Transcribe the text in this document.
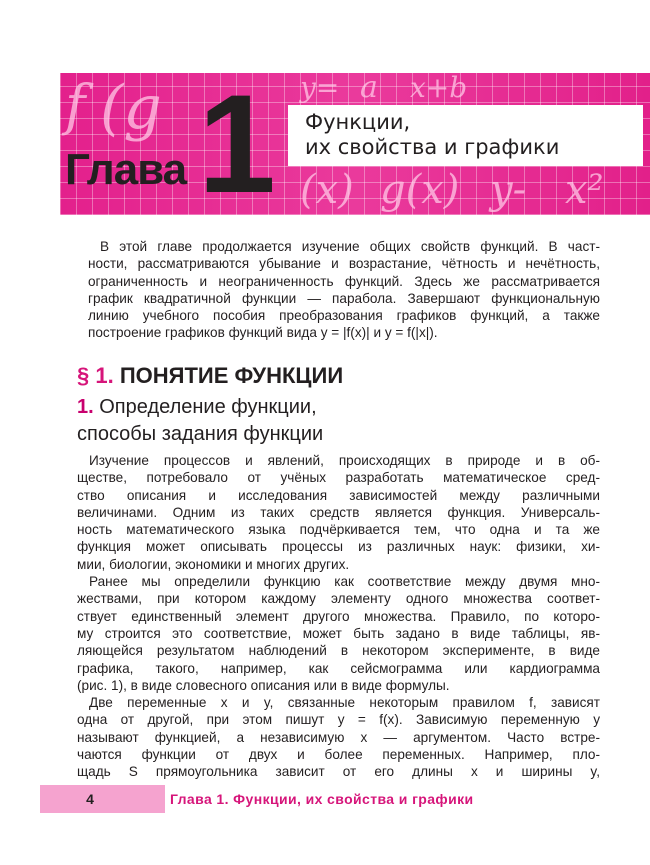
f (g	y= a x+b
(x) g(x) y- x²
Глава 1 Функции,
их свойства и графики
В этой главе продолжается изучение общих свойств функций. В част-
ности, рассматриваются убывание и возрастание, чётность и нечётность,
ограниченность и неограниченность функций. Здесь же рассматривается
график квадратичной функции — парабола. Завершают функциональную
линию учебного пособия преобразования графиков функций, а также
построение графиков функций вида y = |f(x)| и y = f(|x|).
§ 1. ПОНЯТИЕ ФУНКЦИИ
1. Определение функции,
способы задания функции
Изучение процессов и явлений, происходящих в природе и в об-
ществе, потребовало от учёных разработать математическое сред-
ство описания и исследования зависимостей между различными
величинами. Одним из таких средств является функция. Универсаль-
ность математического языка подчёркивается тем, что одна и та же
функция может описывать процессы из различных наук: физики, хи-
мии, биологии, экономики и многих других.
Ранее мы определили функцию как соответствие между двумя мно-
жествами, при котором каждому элементу одного множества соответ-
ствует единственный элемент другого множества. Правило, по которо-
му строится это соответствие, может быть задано в виде таблицы, яв-
ляющейся результатом наблюдений в некотором эксперименте, в виде
графика, такого, например, как сейсмограмма или кардиограмма
(рис. 1), в виде словесного описания или в виде формулы.
Две переменные x и y, связанные некоторым правилом f, зависят
одна от другой, при этом пишут y = f(x). Зависимую переменную y
называют функцией, а независимую x — аргументом. Часто встре-
чаются функции от двух и более переменных. Например, пло-
щадь S прямоугольника зависит от его длины x и ширины y,
4	Глава 1. Функции, их свойства и графики
